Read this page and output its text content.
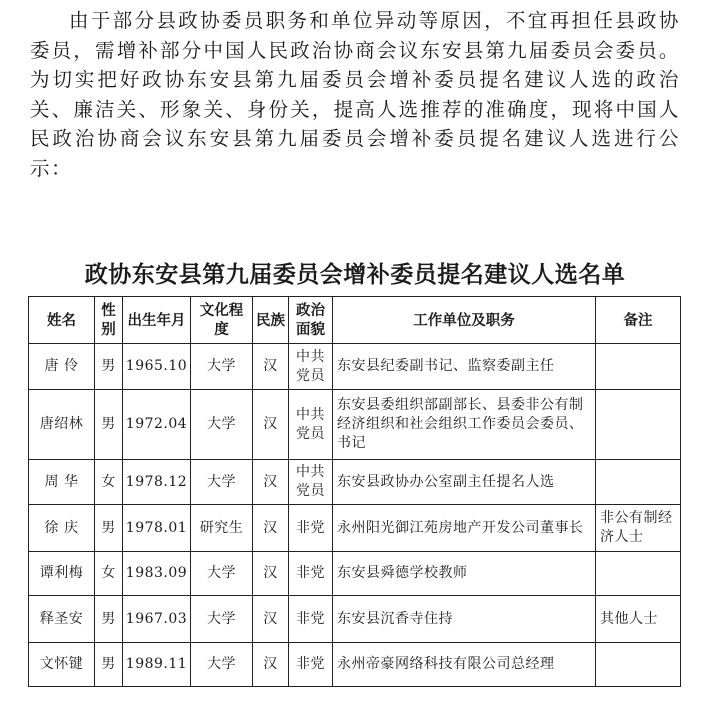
由于部分县政协委员职务和单位异动等原因，不宜再担任县政协委员，需增补部分中国人民政治协商会议东安县第九届委员会委员。为切实把好政协东安县第九届委员会增补委员提名建议人选的政治关、廉洁关、形象关、身份关，提高人选推荐的准确度，现将中国人民政治协商会议东安县第九届委员会增补委员提名建议人选进行公示：

政协东安县第九届委员会增补委员提名建议人选名单
姓名	性别	出生年月	文化程度	民族	政治面貌	工作单位及职务	备注
唐 伶	男	1965.10	大学	汉	中共党员	东安县纪委副书记、监察委副主任	
唐绍林	男	1972.04	大学	汉	中共党员	东安县委组织部副部长、县委非公有制经济组织和社会组织工作委员会委员、书记	
周 华	女	1978.12	大学	汉	中共党员	东安县政协办公室副主任提名人选	
徐 庆	男	1978.01	研究生	汉	非党	永州阳光御江苑房地产开发公司董事长	非公有制经济人士
谭利梅	女	1983.09	大学	汉	非党	东安县舜德学校教师	
释圣安	男	1967.03	大学	汉	非党	东安县沉香寺住持	其他人士
文怀键	男	1989.11	大学	汉	非党	永州帝豪网络科技有限公司总经理	
